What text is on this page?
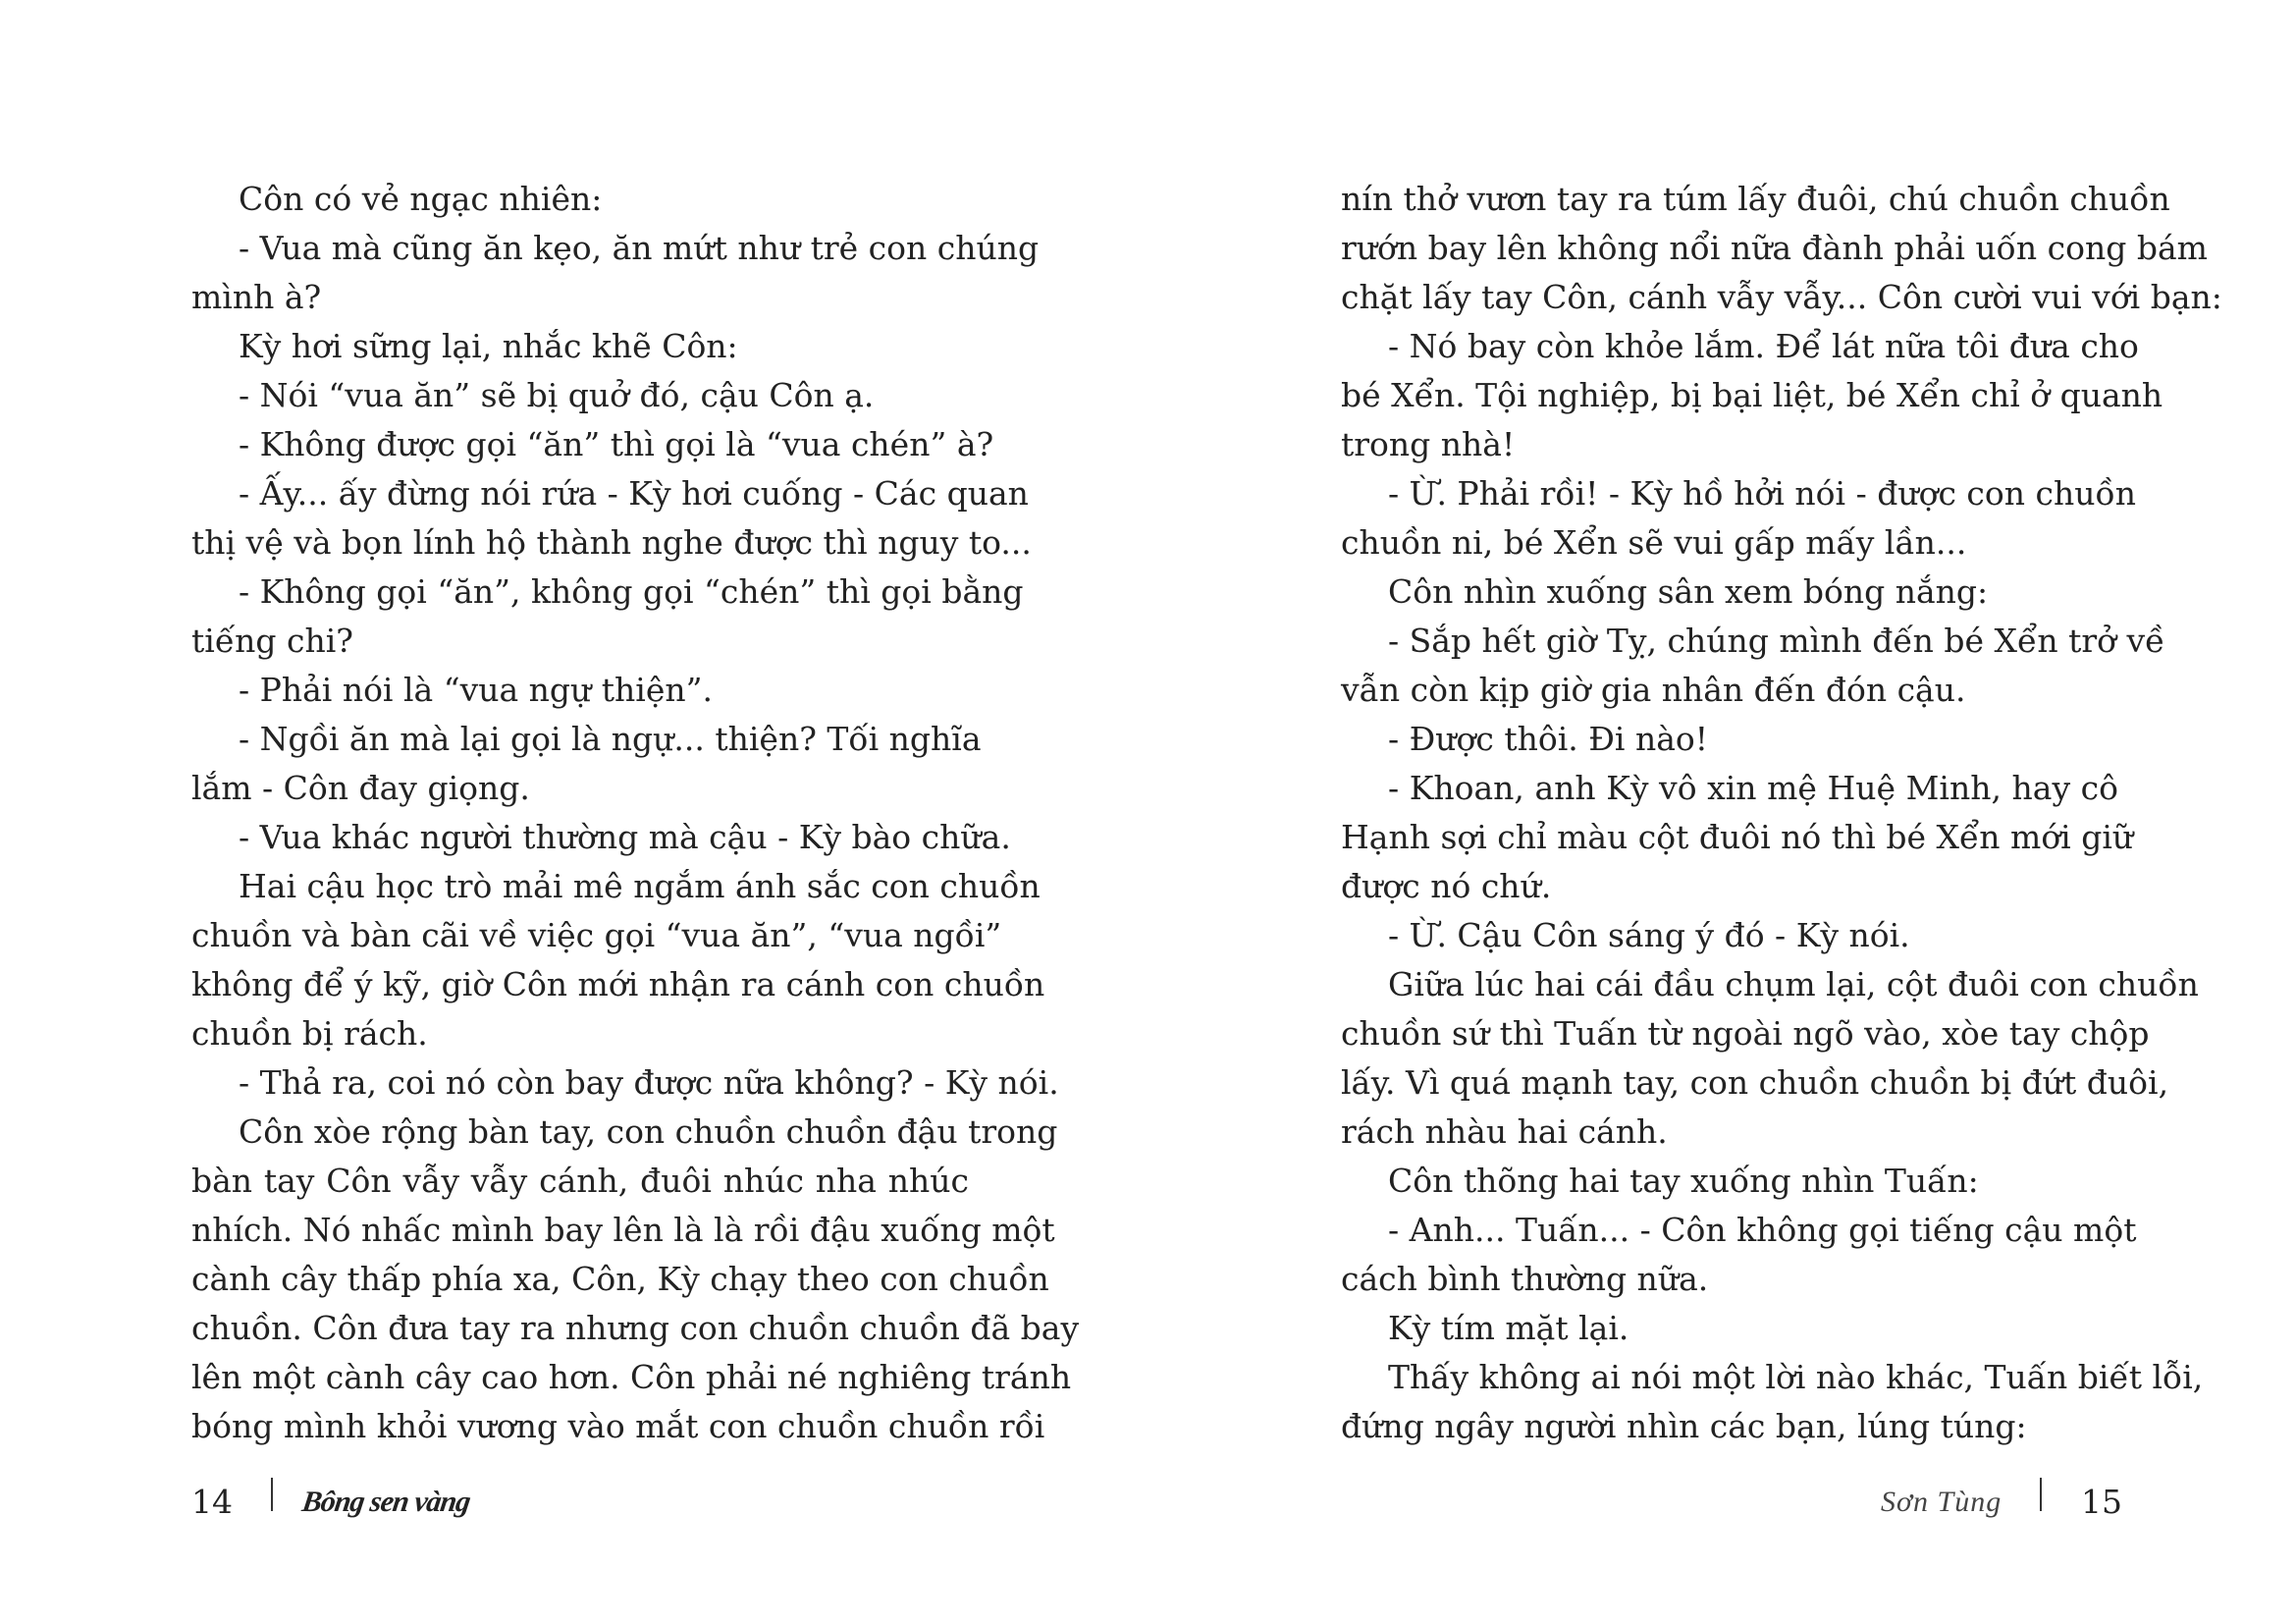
Côn có vẻ ngạc nhiên:
- Vua mà cũng ăn kẹo, ăn mứt như trẻ con chúng
mình à?
Kỳ hơi sững lại, nhắc khẽ Côn:
- Nói “vua ăn” sẽ bị quở đó, cậu Côn ạ.
- Không được gọi “ăn” thì gọi là “vua chén” à?
- Ấy... ấy đừng nói rứa - Kỳ hơi cuống - Các quan
thị vệ và bọn lính hộ thành nghe được thì nguy to...
- Không gọi “ăn”, không gọi “chén” thì gọi bằng
tiếng chi?
- Phải nói là “vua ngự thiện”.
- Ngồi ăn mà lại gọi là ngự... thiện? Tối nghĩa
lắm - Côn đay giọng.
- Vua khác người thường mà cậu - Kỳ bào chữa.
Hai cậu học trò mải mê ngắm ánh sắc con chuồn
chuồn và bàn cãi về việc gọi “vua ăn”, “vua ngồi”
không để ý kỹ, giờ Côn mới nhận ra cánh con chuồn
chuồn bị rách.
- Thả ra, coi nó còn bay được nữa không? - Kỳ nói.
Côn xòe rộng bàn tay, con chuồn chuồn đậu trong
bàn tay Côn vẫy vẫy cánh, đuôi nhúc nha nhúc
nhích. Nó nhấc mình bay lên là là rồi đậu xuống một
cành cây thấp phía xa, Côn, Kỳ chạy theo con chuồn
chuồn. Côn đưa tay ra nhưng con chuồn chuồn đã bay
lên một cành cây cao hơn. Côn phải né nghiêng tránh
bóng mình khỏi vương vào mắt con chuồn chuồn rồi
nín thở vươn tay ra túm lấy đuôi, chú chuồn chuồn
rướn bay lên không nổi nữa đành phải uốn cong bám
chặt lấy tay Côn, cánh vẫy vẫy... Côn cười vui với bạn:
- Nó bay còn khỏe lắm. Để lát nữa tôi đưa cho
bé Xển. Tội nghiệp, bị bại liệt, bé Xển chỉ ở quanh
trong nhà!
- Ừ. Phải rồi! - Kỳ hồ hởi nói - được con chuồn
chuồn ni, bé Xển sẽ vui gấp mấy lần...
Côn nhìn xuống sân xem bóng nắng:
- Sắp hết giờ Tỵ, chúng mình đến bé Xển trở về
vẫn còn kịp giờ gia nhân đến đón cậu.
- Được thôi. Đi nào!
- Khoan, anh Kỳ vô xin mệ Huệ Minh, hay cô
Hạnh sợi chỉ màu cột đuôi nó thì bé Xển mới giữ
được nó chứ.
- Ừ. Cậu Côn sáng ý đó - Kỳ nói.
Giữa lúc hai cái đầu chụm lại, cột đuôi con chuồn
chuồn sứ thì Tuấn từ ngoài ngõ vào, xòe tay chộp
lấy. Vì quá mạnh tay, con chuồn chuồn bị đứt đuôi,
rách nhàu hai cánh.
Côn thõng hai tay xuống nhìn Tuấn:
- Anh... Tuấn... - Côn không gọi tiếng cậu một
cách bình thường nữa.
Kỳ tím mặt lại.
Thấy không ai nói một lời nào khác, Tuấn biết lỗi,
đứng ngây người nhìn các bạn, lúng túng:
14 Bông sen vàng	Sơn Tùng 15
